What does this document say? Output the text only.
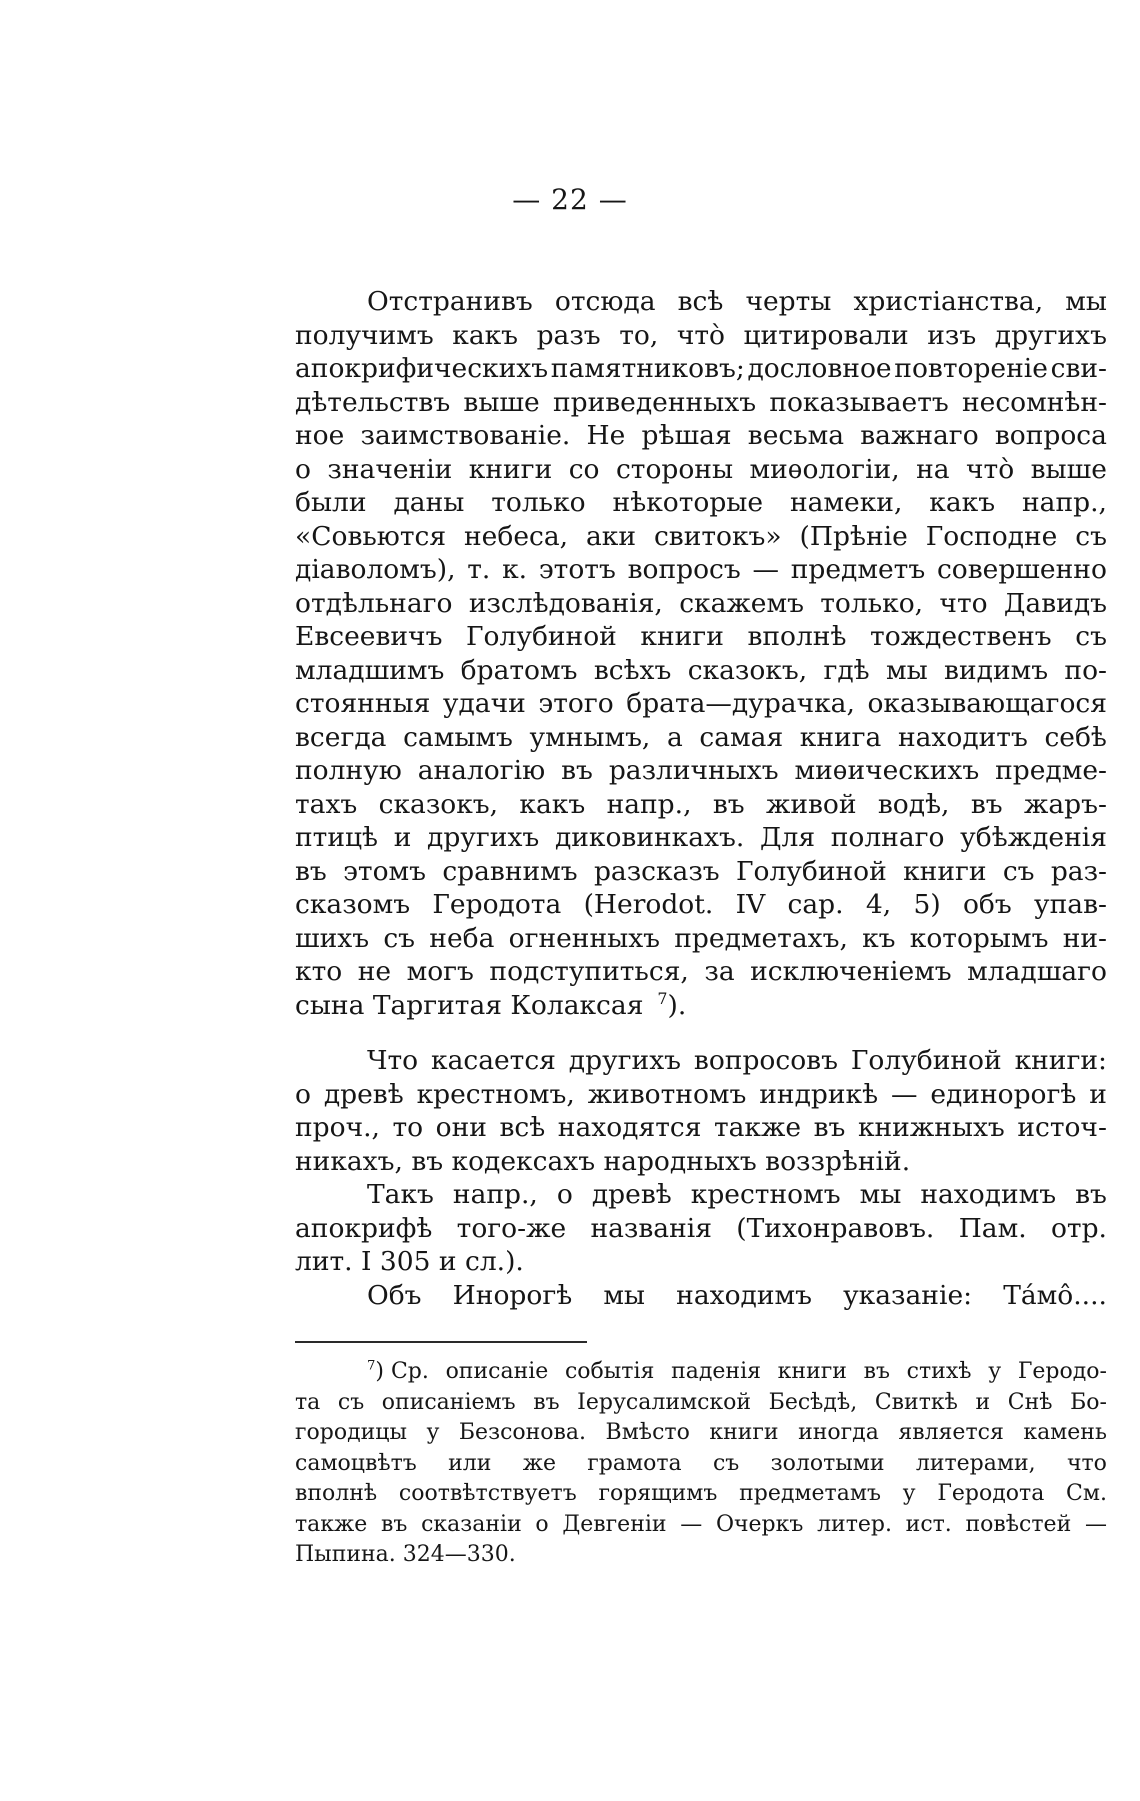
— 22 —
Отстранивъ отсюда всѣ черты христіанства, мы
получимъ какъ разъ то, что̀ цитировали изъ другихъ
апокрифическихъ памятниковъ; дословное повтореніе сви-
дѣтельствъ выше приведенныхъ показываетъ несомнѣн-
ное заимствованіе. Не рѣшая весьма важнаго вопроса
о значеніи книги со стороны миѳологіи, на что̀ выше
были даны только нѣкоторые намеки, какъ напр.,
«Совьются небеса, аки свитокъ» (Прѣніе Господне съ
діаволомъ), т. к. этотъ вопросъ — предметъ совершенно
отдѣльнаго изслѣдованія, скажемъ только, что Давидъ
Евсеевичъ Голубиной книги вполнѣ тождественъ съ
младшимъ братомъ всѣхъ сказокъ, гдѣ мы видимъ по-
стоянныя удачи этого брата—дурачка, оказывающагося
всегда самымъ умнымъ, а самая книга находитъ себѣ
полную аналогію въ различныхъ миѳическихъ предме-
тахъ сказокъ, какъ напр., въ живой водѣ, въ жаръ-
птицѣ и другихъ диковинкахъ. Для полнаго убѣжденія
въ этомъ сравнимъ разсказъ Голубиной книги съ раз-
сказомъ Геродота (Herodot. IV cap. 4, 5) объ упав-
шихъ съ неба огненныхъ предметахъ, къ которымъ ни-
кто не могъ подступиться, за исключеніемъ младшаго
сына Таргитая Колаксая $^7$).
Что касается другихъ вопросовъ Голубиной книги:
о древѣ крестномъ, животномъ индрикѣ — единорогѣ и
проч., то они всѣ находятся также въ книжныхъ источ-
никахъ, въ кодексахъ народныхъ воззрѣній.
Такъ напр., о древѣ крестномъ мы находимъ въ
апокрифѣ того-же названія (Тихонравовъ. Пам. отр.
лит. I 305 и сл.).
Объ Инорогѣ мы находимъ указаніе: Та́мо̂....
$^7$) Ср. описаніе событія паденія книги въ стихѣ у Геродо-
та съ описаніемъ въ Іерусалимской Бесѣдѣ, Свиткѣ и Снѣ Бо-
городицы у Безсонова. Вмѣсто книги иногда является камень
самоцвѣтъ или же грамота съ золотыми литерами, что
вполнѣ соотвѣтствуетъ горящимъ предметамъ у Геродота См.
также въ сказаніи о Девгеніи — Очеркъ литер. ист. повѣстей —
Пыпина. 324—330.
